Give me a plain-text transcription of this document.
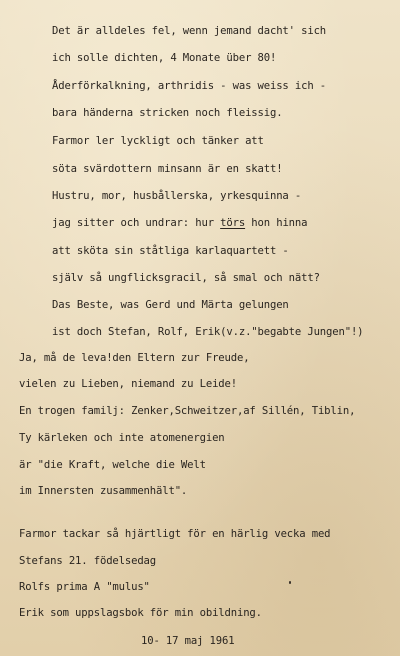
Det är alldeles fel, wenn jemand dacht' sich
ich solle dichten, 4 Monate über 80!
Åderförkalkning, arthridis - was weiss ich -
bara händerna stricken noch fleissig.
Farmor ler lyckligt och tänker att
söta svärdottern minsann är en skatt!
Hustru, mor, husbållerska, yrkesquinna -
jag sitter och undrar: hur törs hon hinna
att sköta sin ståtliga karlaquartett -
själv så ungflicksgracil, så smal och nätt?
Das Beste, was Gerd und Märta gelungen
ist doch Stefan, Rolf, Erik(v.z."begabte Jungen"!)
Ja, må de leva!den Eltern zur Freude,
vielen zu Lieben, niemand zu Leide!
En trogen familj: Zenker,Schweitzer,af Sillén, Tiblin,
Ty kärleken och inte atomenergien
är "die Kraft, welche die Welt
im Innersten zusammenhält".
Farmor tackar så hjärtligt för en härlig vecka med
Stefans 21. födelsedag
Rolfs prima A "mulus"
Erik som uppslagsbok för min obildning.
10- 17 maj 1961
